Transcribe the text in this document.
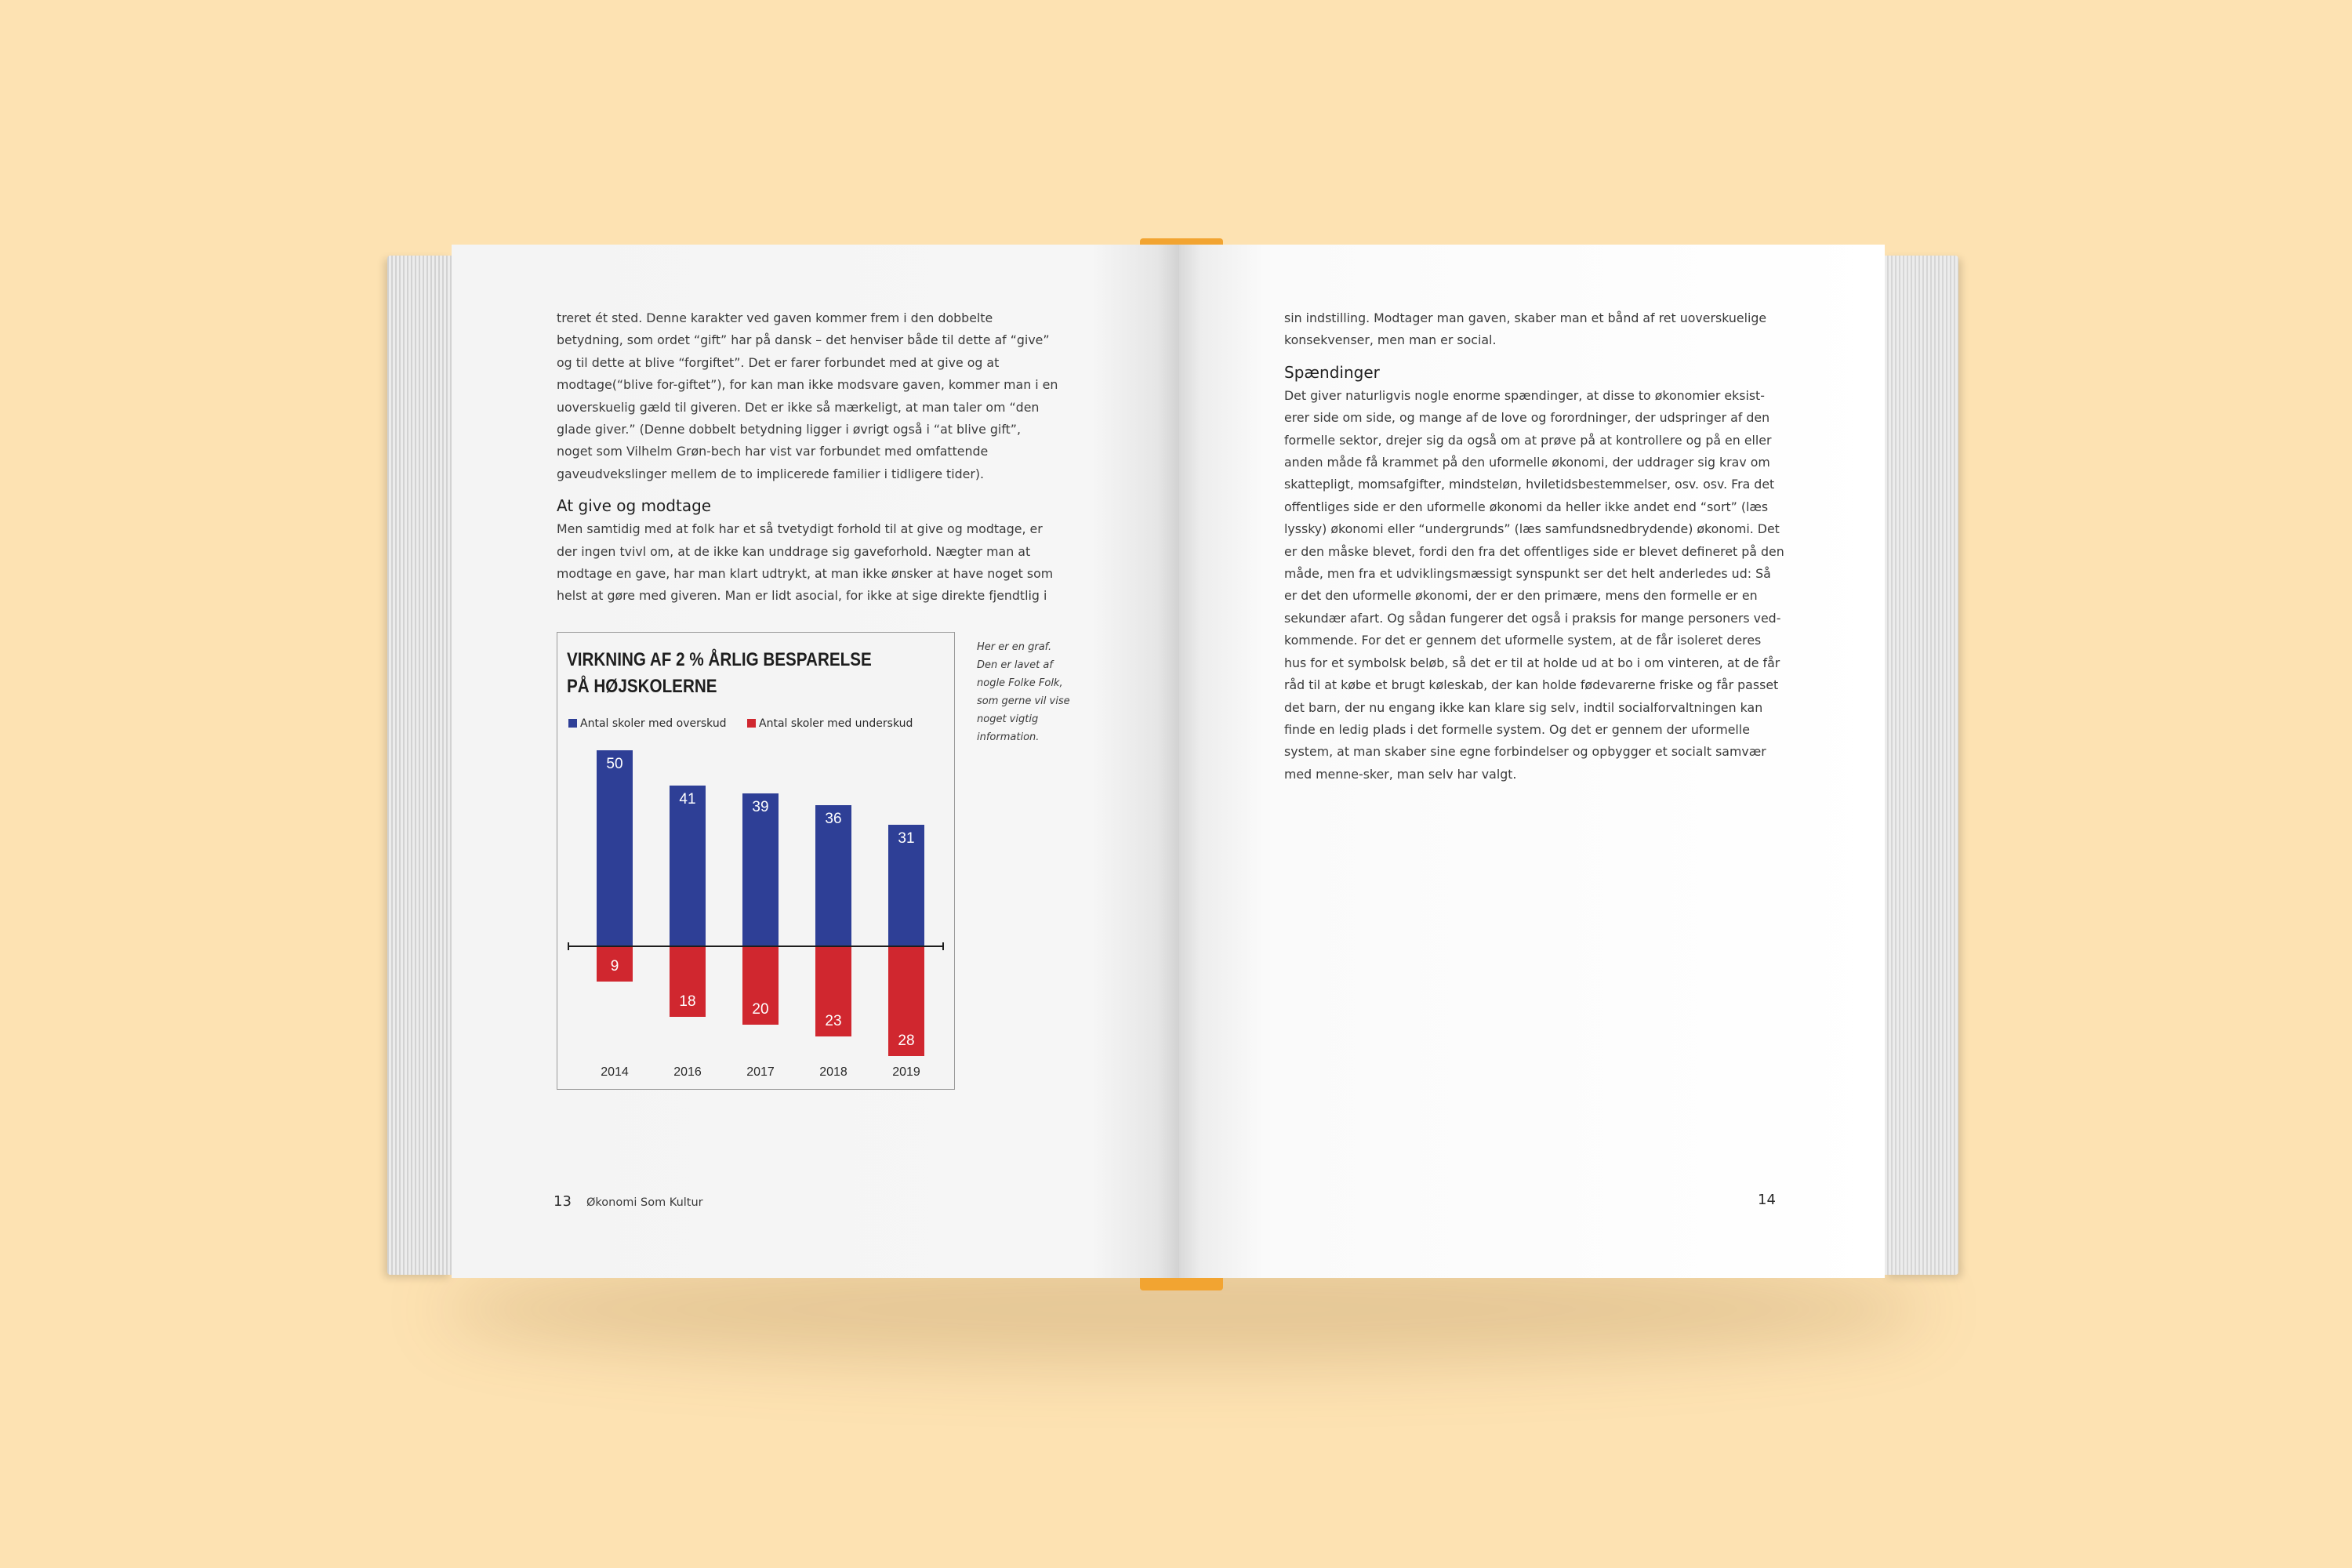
treret ét sted. Denne karakter ved gaven kommer frem i den dobbelte betydning, som ordet “gift” har på dansk – det henviser både til dette af “give” og til dette at blive “forgiftet”. Det er farer forbundet med at give og at modtage(“blive for-giftet”), for kan man ikke modsvare gaven, kommer man i en uoverskuelig gæld til giveren. Det er ikke så mærkeligt, at man taler om “den glade giver.” (Denne dobbelt betydning ligger i øvrigt også i “at blive gift”, noget som Vilhelm Grøn-bech har vist var forbundet med omfattende gaveudvekslinger mellem de to implicerede familier i tidligere tider).

At give og modtage

Men samtidig med at folk har et så tvetydigt forhold til at give og modtage, er der ingen tvivl om, at de ikke kan unddrage sig gaveforhold. Nægter man at modtage en gave, har man klart udtrykt, at man ikke ønsker at have noget som helst at gøre med giveren. Man er lidt asocial, for ikke at sige direkte fjendtlig i

VIRKNING AF 2 % ÅRLIG BESPARELSE
PÅ HØJSKOLERNE
Antal skoler med overskud	Antal skoler med underskud
50
9
2014
41
18
2016
39
20
2017
36
23
2018
31
28
2019
Her er en graf. Den er lavet af nogle Folke Folk, som gerne vil vise noget vigtig information.
13 Økonomi Som Kultur

sin indstilling. Modtager man gaven, skaber man et bånd af ret uoverskuelige konsekvenser, men man er social.

Spændinger

Det giver naturligvis nogle enorme spændinger, at disse to økonomier eksist-erer side om side, og mange af de love og forordninger, der udspringer af den formelle sektor, drejer sig da også om at prøve på at kontrollere og på en eller anden måde få krammet på den uformelle økonomi, der uddrager sig krav om skattepligt, momsafgifter, mindsteløn, hviletidsbestemmelser, osv. osv. Fra det offentliges side er den uformelle økonomi da heller ikke andet end “sort” (læs lyssky) økonomi eller “undergrunds” (læs samfundsnedbrydende) økonomi. Det er den måske blevet, fordi den fra det offentliges side er blevet defineret på den måde, men fra et udviklingsmæssigt synspunkt ser det helt anderledes ud: Så er det den uformelle økonomi, der er den primære, mens den formelle er en sekundær afart. Og sådan fungerer det også i praksis for mange personers ved-kommende. For det er gennem det uformelle system, at de får isoleret deres hus for et symbolsk beløb, så det er til at holde ud at bo i om vinteren, at de får råd til at købe et brugt køleskab, der kan holde fødevarerne friske og får passet det barn, der nu engang ikke kan klare sig selv, indtil socialforvaltningen kan finde en ledig plads i det formelle system. Og det er gennem der uformelle system, at man skaber sine egne forbindelser og opbygger et socialt samvær med menne-sker, man selv har valgt.

14
